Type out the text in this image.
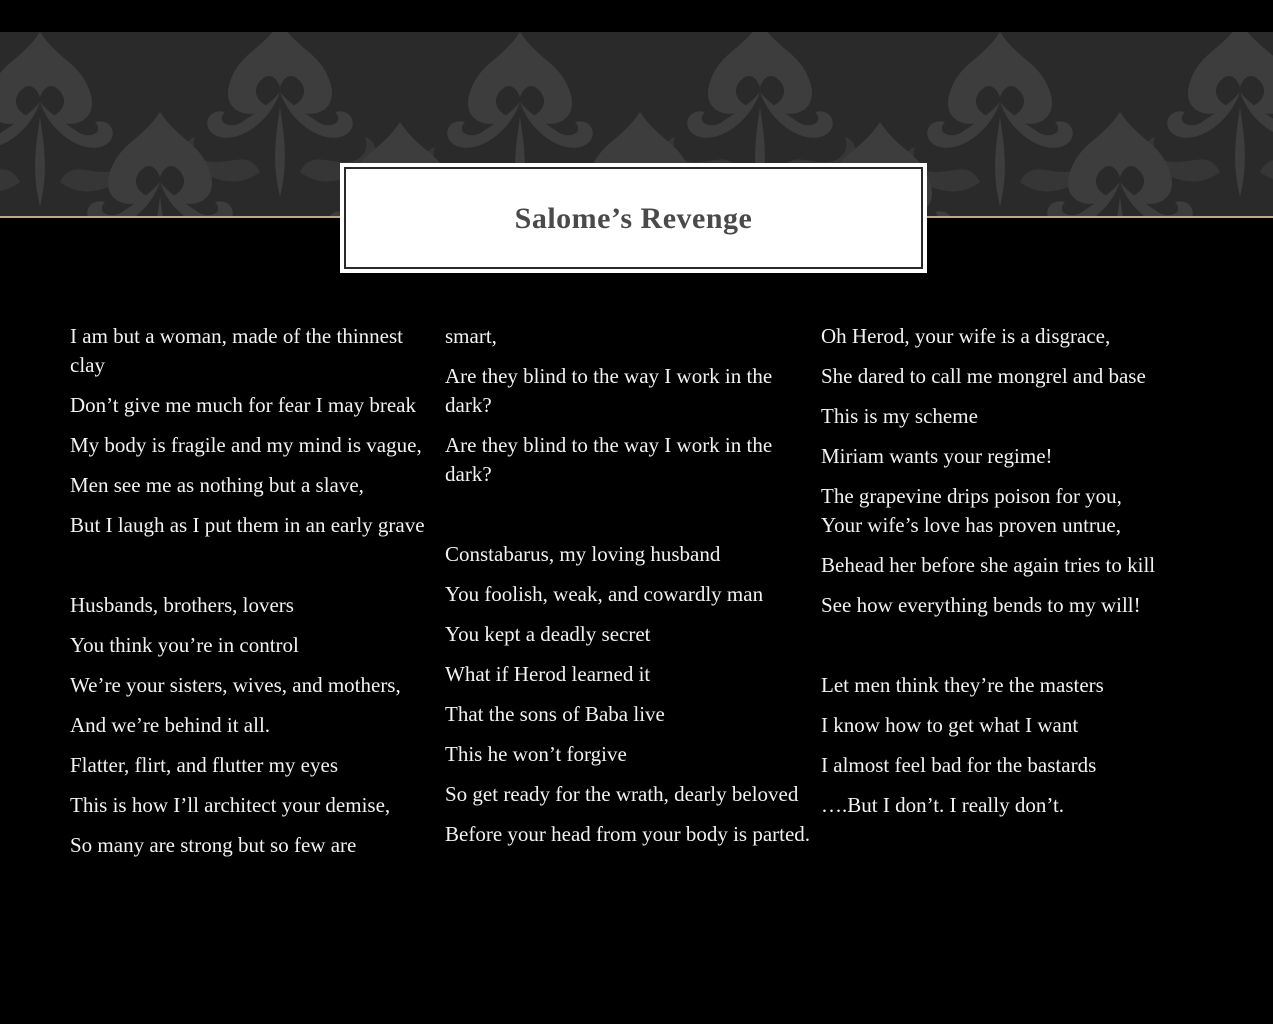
Salome’s Revenge

I am but a woman, made of the thinnest clay

Don’t give me much for fear I may break

My body is fragile and my mind is vague,

Men see me as nothing but a slave,

But I laugh as I put them in an early grave

Husbands, brothers, lovers

You think you’re in control

We’re your sisters, wives, and mothers,

And we’re behind it all.

Flatter, flirt, and flutter my eyes

This is how I’ll architect your demise,

So many are strong but so few are

smart,

Are they blind to the way I work in the dark?

Are they blind to the way I work in the dark?

Constabarus, my loving husband

You foolish, weak, and cowardly man

You kept a deadly secret

What if Herod learned it

That the sons of Baba live

This he won’t forgive

So get ready for the wrath, dearly beloved

Before your head from your body is parted.

Oh Herod, your wife is a disgrace,

She dared to call me mongrel and base

This is my scheme

Miriam wants your regime!

The grapevine drips poison for you,

Your wife’s love has proven untrue,

Behead her before she again tries to kill

See how everything bends to my will!

Let men think they’re the masters

I know how to get what I want

I almost feel bad for the bastards

….But I don’t. I really don’t.
